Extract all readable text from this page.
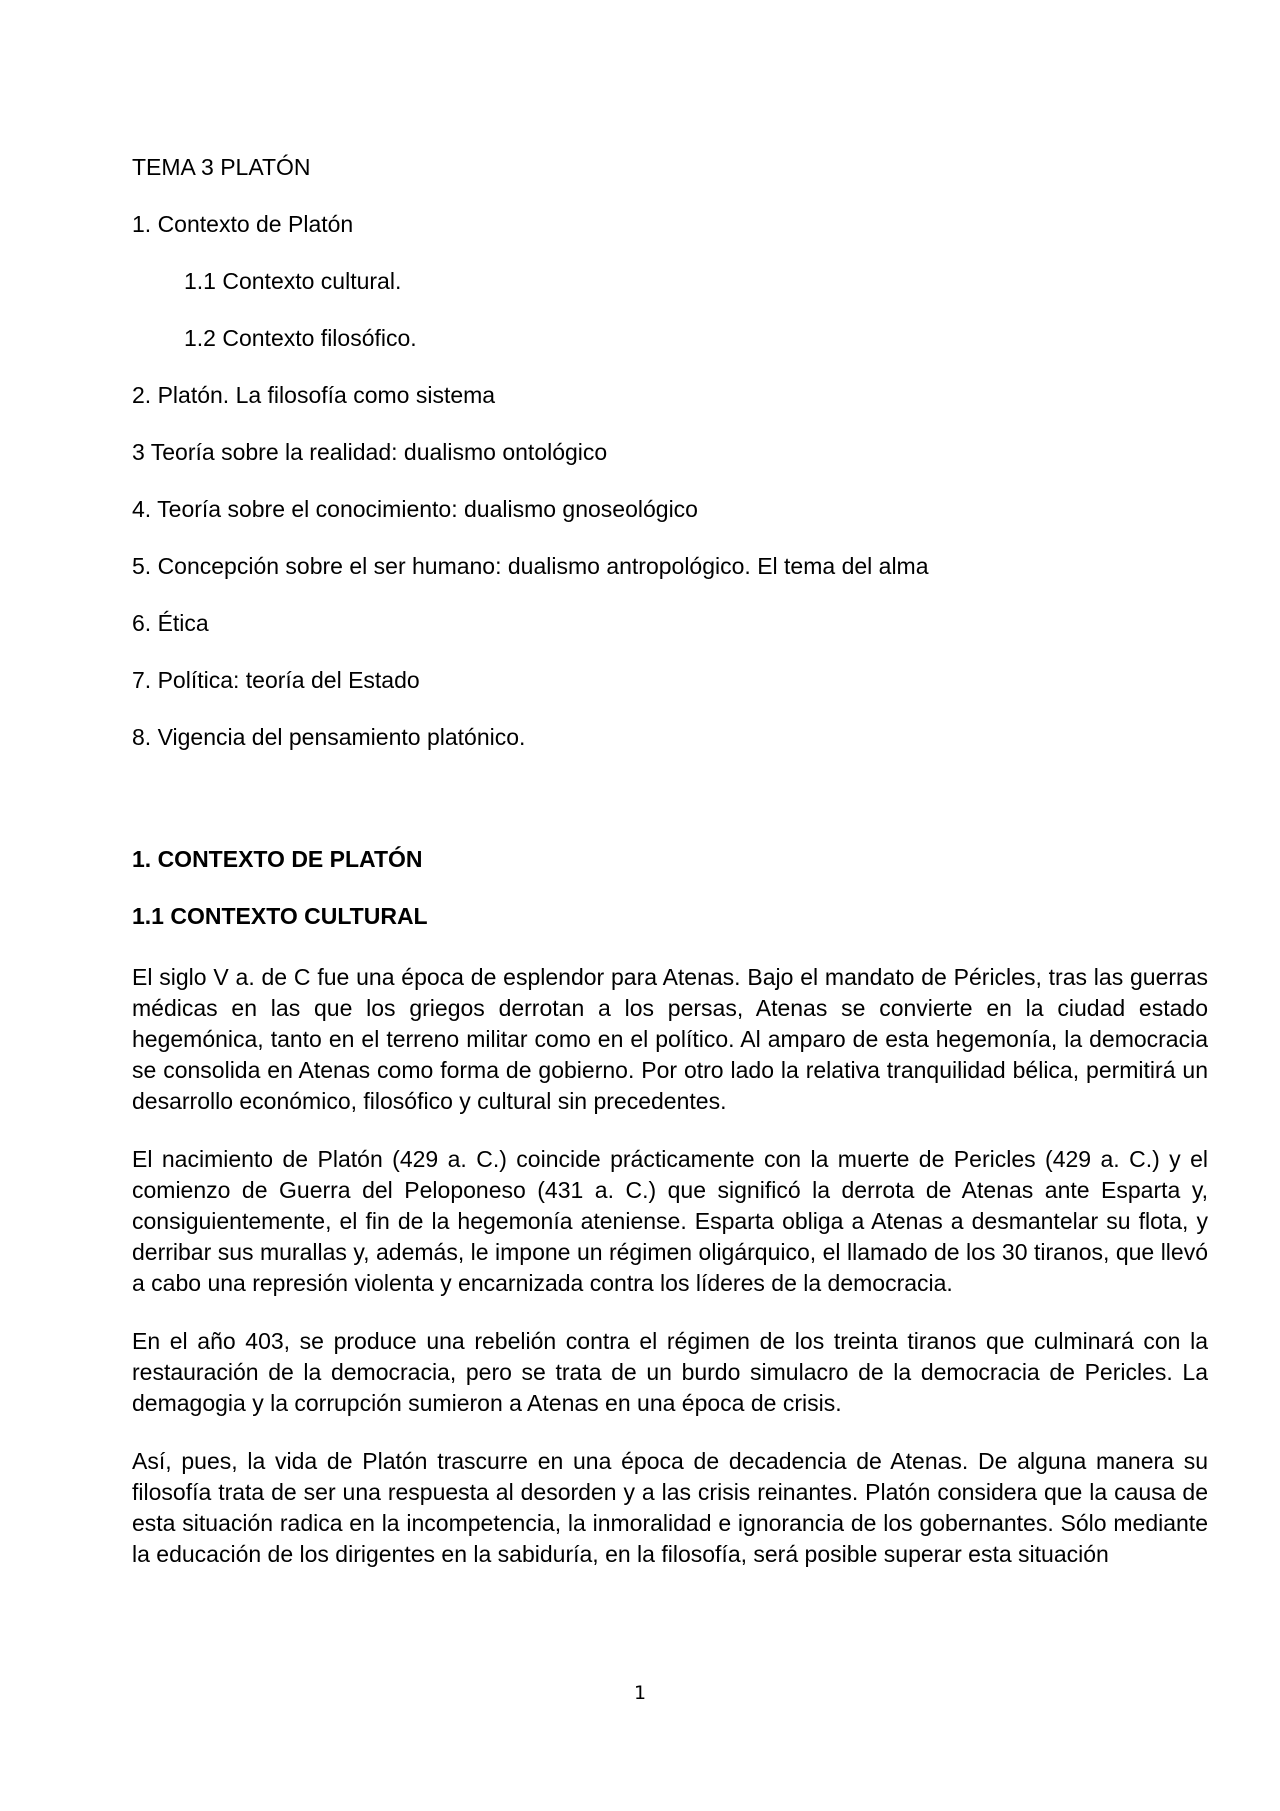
TEMA 3 PLATÓN
1. Contexto de Platón
1.1 Contexto cultural.
1.2 Contexto filosófico.
2. Platón. La filosofía como sistema
3 Teoría sobre la realidad: dualismo ontológico
4. Teoría sobre el conocimiento: dualismo gnoseológico
5. Concepción sobre el ser humano: dualismo antropológico. El tema del alma
6. Ética
7. Política: teoría del Estado
8. Vigencia del pensamiento platónico.
1. CONTEXTO DE PLATÓN
1.1 CONTEXTO CULTURAL

El siglo V a. de C fue una época de esplendor para Atenas. Bajo el mandato de Péricles, tras las guerras médicas en las que los griegos derrotan a los persas, Atenas se convierte en la ciudad estado hegemónica, tanto en el terreno militar como en el político. Al amparo de esta hegemonía, la democracia se consolida en Atenas como forma de gobierno. Por otro lado la relativa tranquilidad bélica, permitirá un desarrollo económico, filosófico y cultural sin precedentes.

El nacimiento de Platón (429 a. C.) coincide prácticamente con la muerte de Pericles (429 a. C.) y el comienzo de Guerra del Peloponeso (431 a. C.) que significó la derrota de Atenas ante Esparta y, consiguientemente, el fin de la hegemonía ateniense. Esparta obliga a Atenas a desmantelar su flota, y derribar sus murallas y, además, le impone un régimen oligárquico, el llamado de los 30 tiranos, que llevó a cabo una represión violenta y encarnizada contra los líderes de la democracia.

En el año 403, se produce una rebelión contra el régimen de los treinta tiranos que culminará con la restauración de la democracia, pero se trata de un burdo simulacro de la democracia de Pericles. La demagogia y la corrupción sumieron a Atenas en una época de crisis.

Así, pues, la vida de Platón trascurre en una época de decadencia de Atenas. De alguna manera su filosofía trata de ser una respuesta al desorden y a las crisis reinantes. Platón considera que la causa de esta situación radica en la incompetencia, la inmoralidad e ignorancia de los gobernantes. Sólo mediante la educación de los dirigentes en la sabiduría, en la filosofía, será posible superar esta situación

1
